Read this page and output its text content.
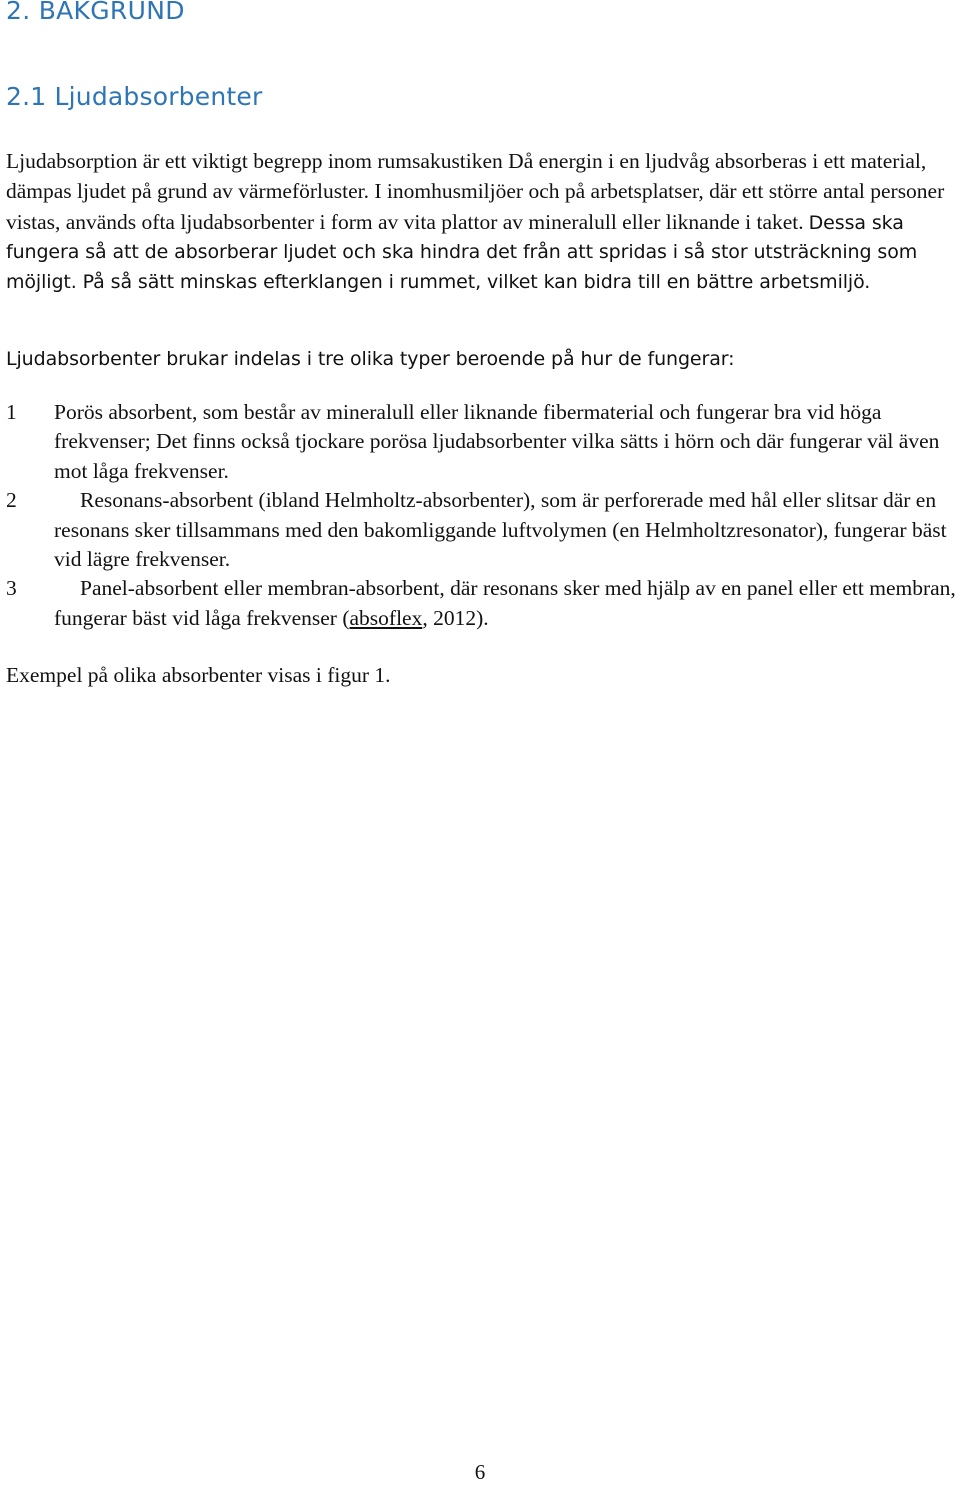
2. BAKGRUND
2.1 Ljudabsorbenter

Ljudabsorption är ett viktigt begrepp inom rumsakustiken Då energin i en ljudvåg absorberas i ett material, dämpas ljudet på grund av värmeförluster. I inomhusmiljöer och på arbetsplatser, där ett större antal personer vistas, används ofta ljudabsorbenter i form av vita plattor av mineralull eller liknande i taket. Dessa ska fungera så att de absorberar ljudet och ska hindra det från att spridas i så stor utsträckning som möjligt. På så sätt minskas efterklangen i rummet, vilket kan bidra till en bättre arbetsmiljö.

Ljudabsorbenter brukar indelas i tre olika typer beroende på hur de fungerar:

1	Porös absorbent, som består av mineralull eller liknande fibermaterial och fungerar bra vid höga frekvenser; Det finns också tjockare porösa ljudabsorbenter vilka sätts i hörn och där fungerar väl även mot låga frekvenser.
2	Resonans-absorbent (ibland Helmholtz-absorbenter), som är perforerade med hål eller slitsar där en resonans sker tillsammans med den bakomliggande luftvolymen (en Helmholtzresonator), fungerar bäst vid lägre frekvenser.
3	Panel-absorbent eller membran-absorbent, där resonans sker med hjälp av en panel eller ett membran, fungerar bäst vid låga frekvenser (absoflex, 2012).

Exempel på olika absorbenter visas i figur 1.

6
